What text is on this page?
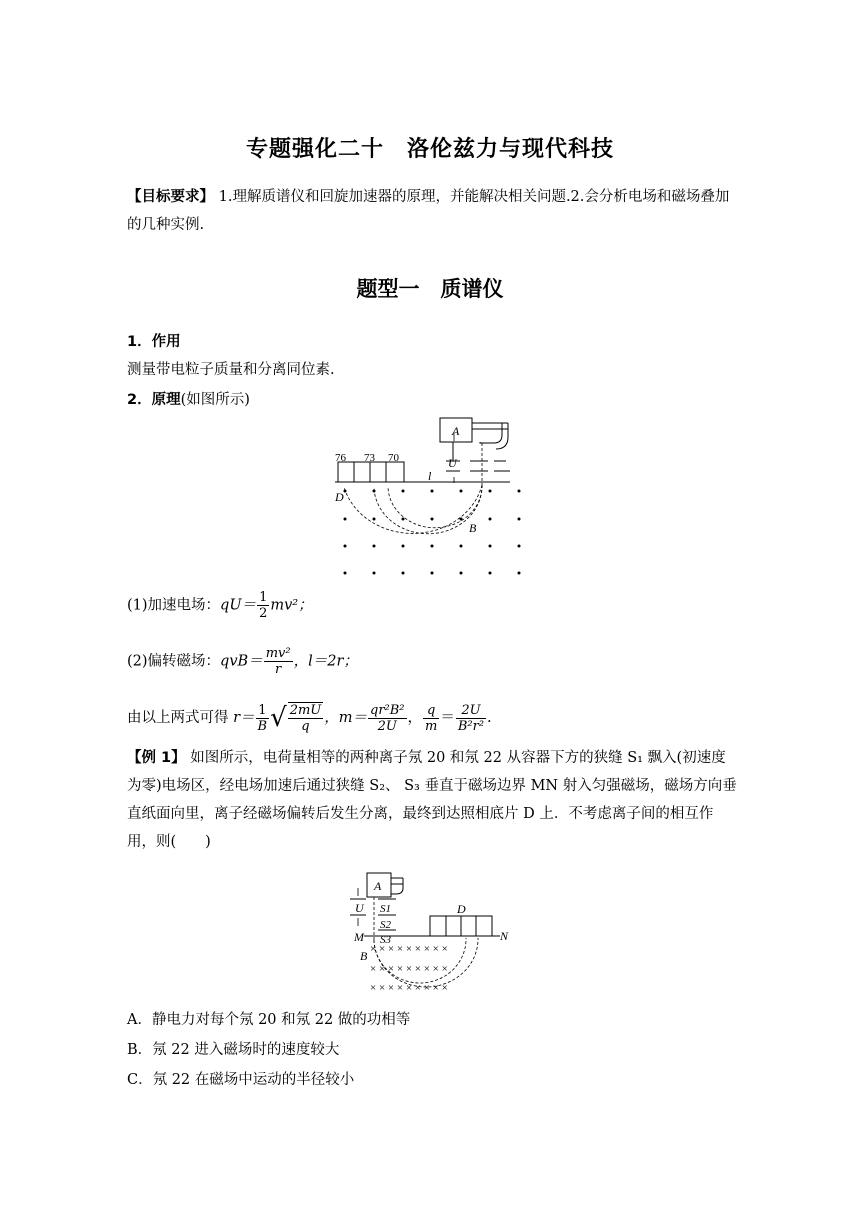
专题强化二十　洛伦兹力与现代科技
【目标要求】 1.理解质谱仪和回旋加速器的原理，并能解决相关问题.2.会分析电场和磁场叠加的几种实例.
题型一　质谱仪
1．作用
测量带电粒子质量和分离同位素.
2．原理(如图所示)
A
U
76 73 70
l
D
B
(1)加速电场：$qU= \frac{1}{2} mv^2$；
(2)偏转磁场：$qvB= \frac{\text{mv²}}{r}$ ，l＝2r；
由以上两式可得 $r= \frac{1}{B}$ √ $\frac{2mU}{q}$ ，$m= \frac{\text{qr²B²}}{2U}$ ， $\frac{q}{m} = \frac{2U}{\text{B²r²}}$ .
【例 1】 如图所示，电荷量相等的两种离子氖 20 和氖 22 从容器下方的狭缝 S₁ 飘入(初速度为零)电场区，经电场加速后通过狭缝 S₂、 S₃ 垂直于磁场边界 MN 射入匀强磁场，磁场方向垂直纸面向里，离子经磁场偏转后发生分离，最终到达照相底片 D 上．不考虑离子间的相互作用，则(　　)
A
U S1
S2
S3
M	N
D
B × × × × × × × × ×
× × × × × × × × ×
× × × × × × × × ×
A．静电力对每个氖 20 和氖 22 做的功相等
B．氖 22 进入磁场时的速度较大
C．氖 22 在磁场中运动的半径较小
